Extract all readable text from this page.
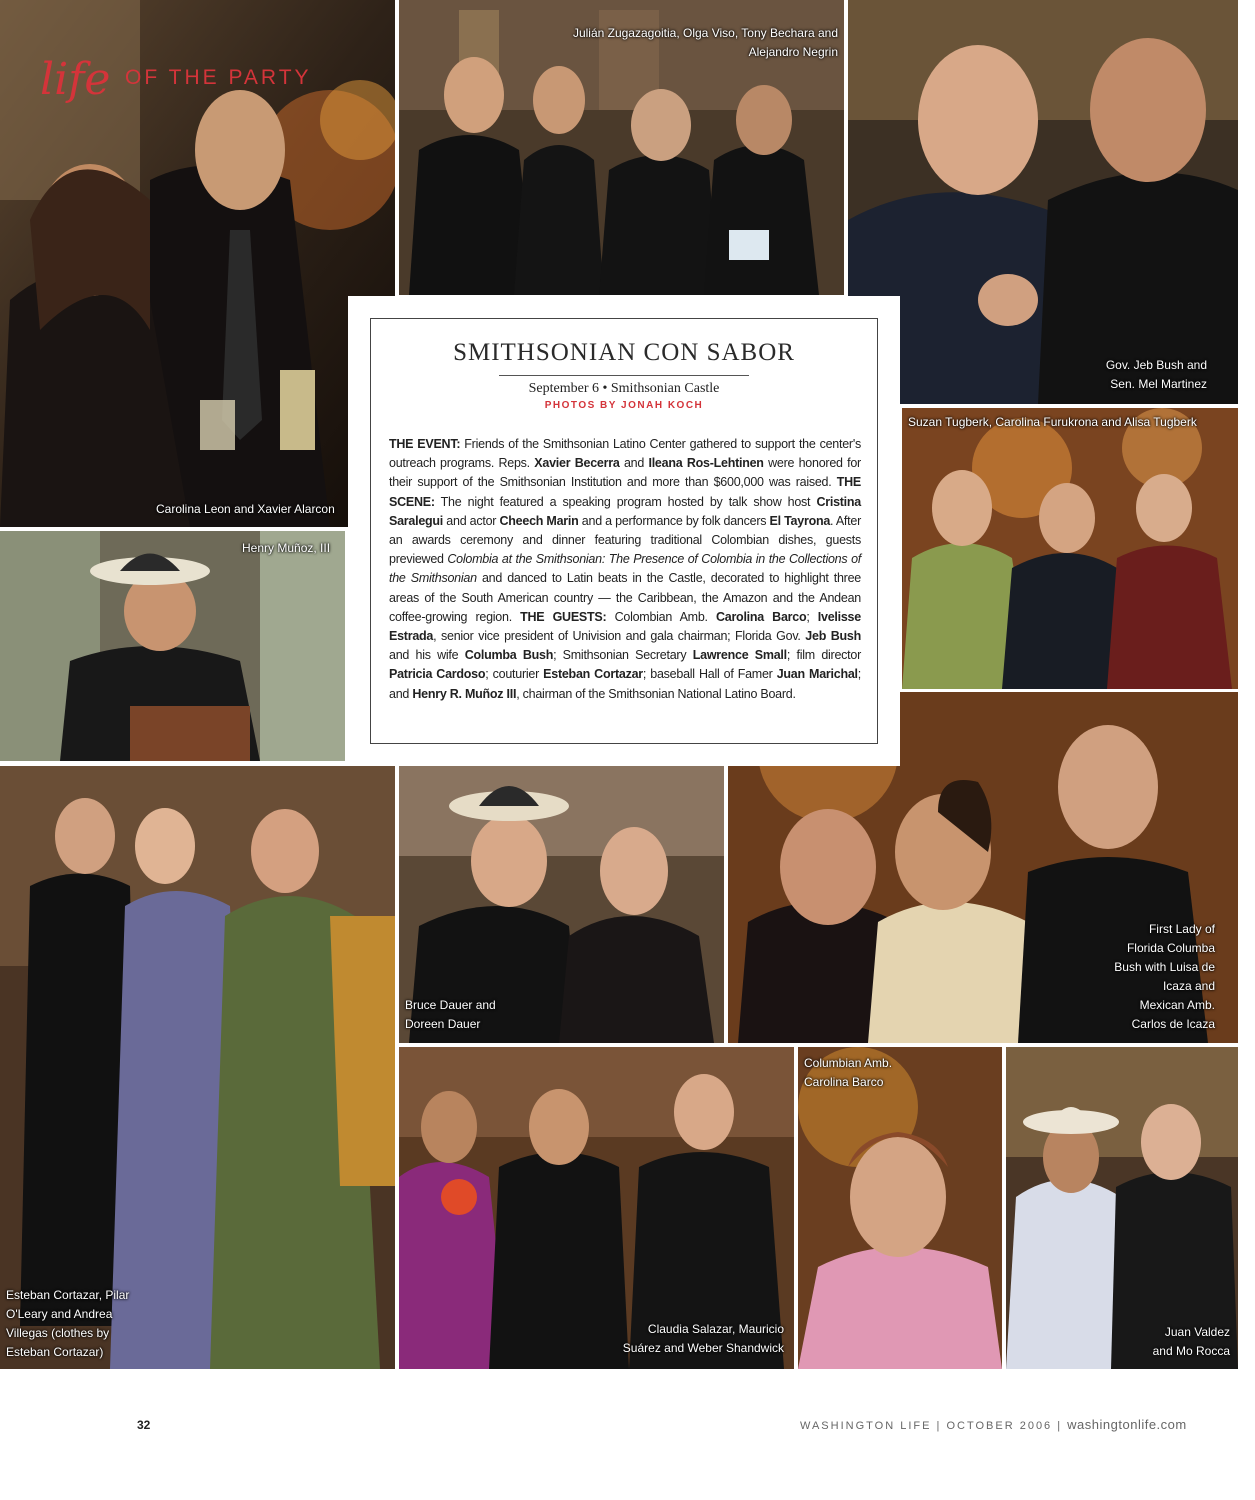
Carolina Leon and Xavier Alarcon
life OF THE PARTY
Julián Zugazagoitia, Olga Viso, Tony Bechara and
Alejandro Negrin
Gov. Jeb Bush and
Sen. Mel Martinez
Henry Muñoz, III
Suzan Tugberk, Carolina Furukrona and Alisa Tugberk
Esteban Cortazar, Pilar
O'Leary and Andrea
Villegas (clothes by
Esteban Cortazar)
Bruce Dauer and
Doreen Dauer
First Lady of
Florida Columba
Bush with Luisa de
Icaza and
Mexican Amb.
Carlos de Icaza
Claudia Salazar, Mauricio
Suárez and Weber Shandwick
Columbian Amb.
Carolina Barco
Juan Valdez
and Mo Rocca
SMITHSONIAN CON SABOR
September 6 • Smithsonian Castle
PHOTOS BY JONAH KOCH
THE EVENT: Friends of the Smithsonian Latino Center gathered to support the center's outreach programs. Reps. Xavier Becerra and Ileana Ros-Lehtinen were honored for their support of the Smithsonian Institution and more than $600,000 was raised. THE SCENE: The night featured a speaking program hosted by talk show host Cristina Saralegui and actor Cheech Marin and a performance by folk dancers El Tayrona. After an awards ceremony and dinner featuring traditional Colombian dishes, guests previewed Colombia at the Smithsonian: The Presence of Colombia in the Collections of the Smithsonian and danced to Latin beats in the Castle, decorated to highlight three areas of the South American country — the Caribbean, the Amazon and the Andean coffee-growing region. THE GUESTS: Colombian Amb. Carolina Barco; Ivelisse Estrada, senior vice president of Univision and gala chairman; Florida Gov. Jeb Bush and his wife Columba Bush; Smithsonian Secretary Lawrence Small; film director Patricia Cardoso; couturier Esteban Cortazar; baseball Hall of Famer Juan Marichal; and Henry R. Muñoz III, chairman of the Smithsonian National Latino Board.
32	WASHINGTON LIFE | OCTOBER 2006 | washingtonlife.com
